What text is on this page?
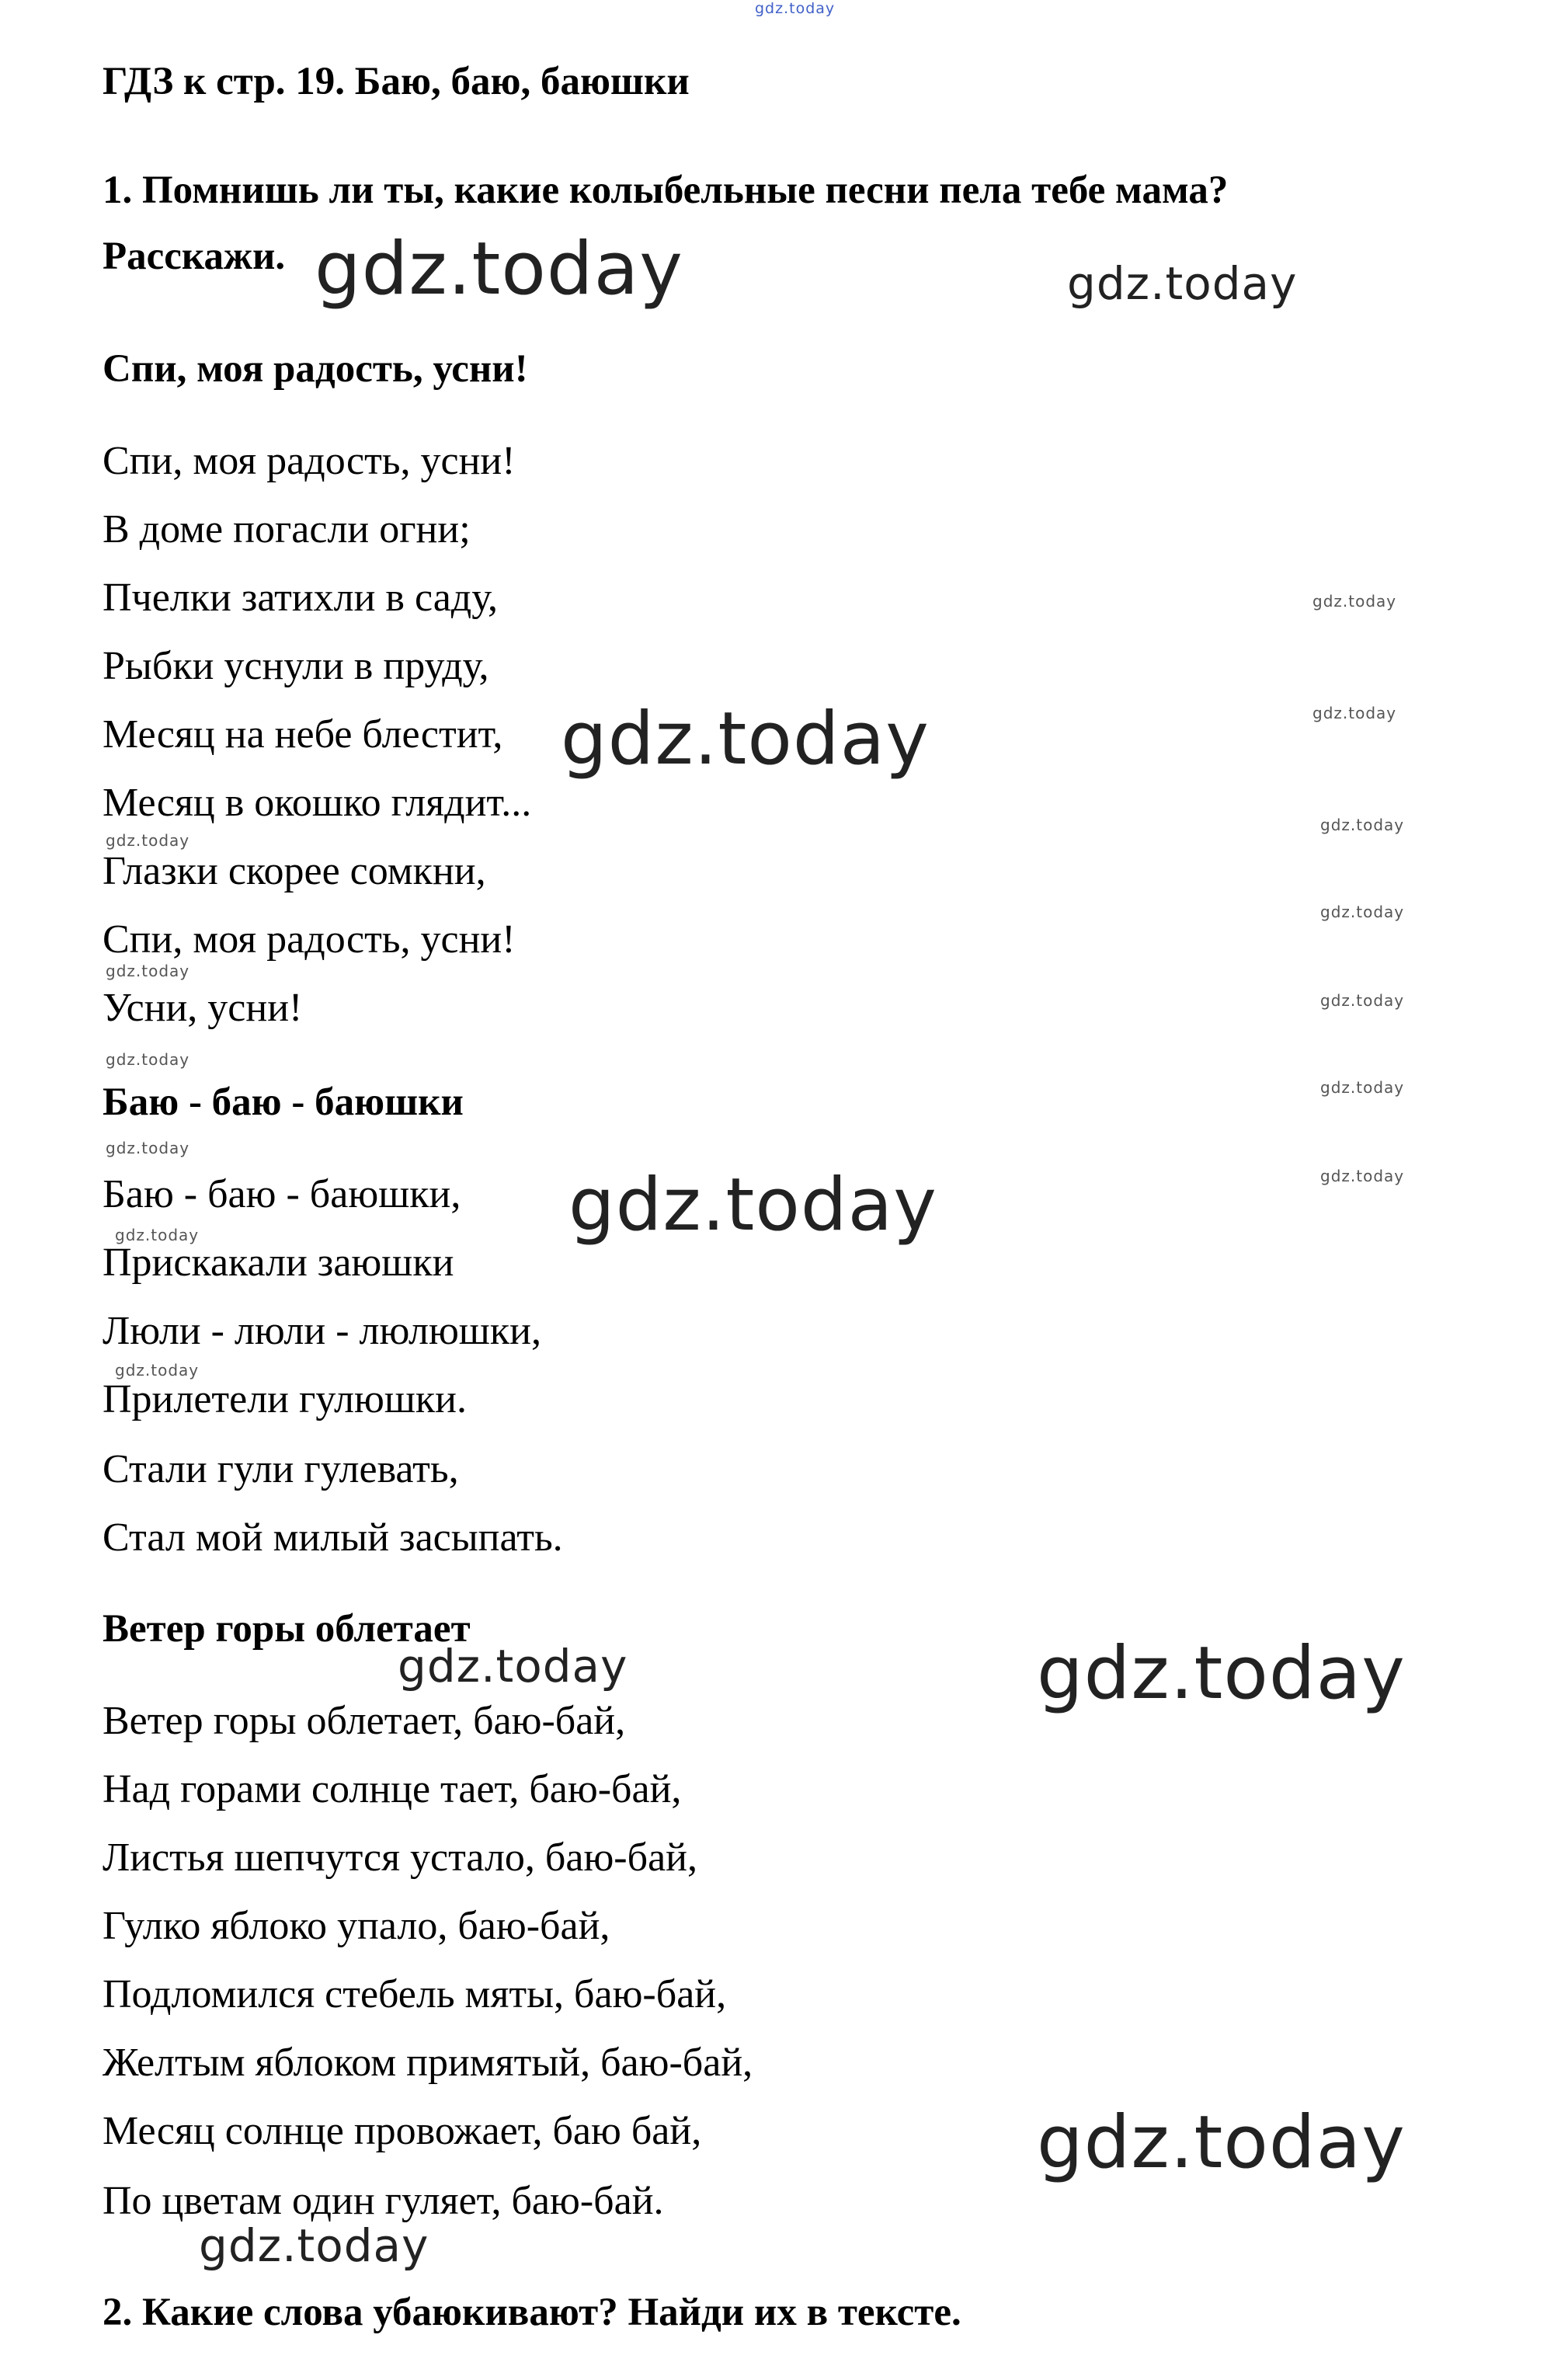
gdz.today
ГДЗ к стр. 19. Баю, баю, баюшки
1. Помнишь ли ты, какие колыбельные песни пела тебе мама?
Расскажи.
Спи, моя радость, усни!
Спи, моя радость, усни!
В доме погасли огни;
Пчелки затихли в саду,
Рыбки уснули в пруду,
Месяц на небе блестит,
Месяц в окошко глядит...
Глазки скорее сомкни,
Спи, моя радость, усни!
Усни, усни!
Баю - баю - баюшки
Баю - баю - баюшки,
Прискакали заюшки
Люли - люли - люлюшки,
Прилетели гулюшки.
Стали гули гулевать,
Стал мой милый засыпать.
Ветер горы облетает
Ветер горы облетает, баю-бай,
Над горами солнце тает, баю-бай,
Листья шепчутся устало, баю-бай,
Гулко яблоко упало, баю-бай,
Подломился стебель мяты, баю-бай,
Желтым яблоком примятый, баю-бай,
Месяц солнце провожает, баю бай,
По цветам один гуляет, баю-бай.
2. Какие слова убаюкивают? Найди их в тексте.
gdz.today	gdz.today
gdz.today
gdz.today
gdz.today	gdz.today
gdz.today
gdz.today
gdz.today
gdz.today
gdz.today
gdz.today
gdz.today
gdz.today
gdz.today
gdz.today
gdz.today
gdz.today
gdz.today
gdz.today
gdz.today
